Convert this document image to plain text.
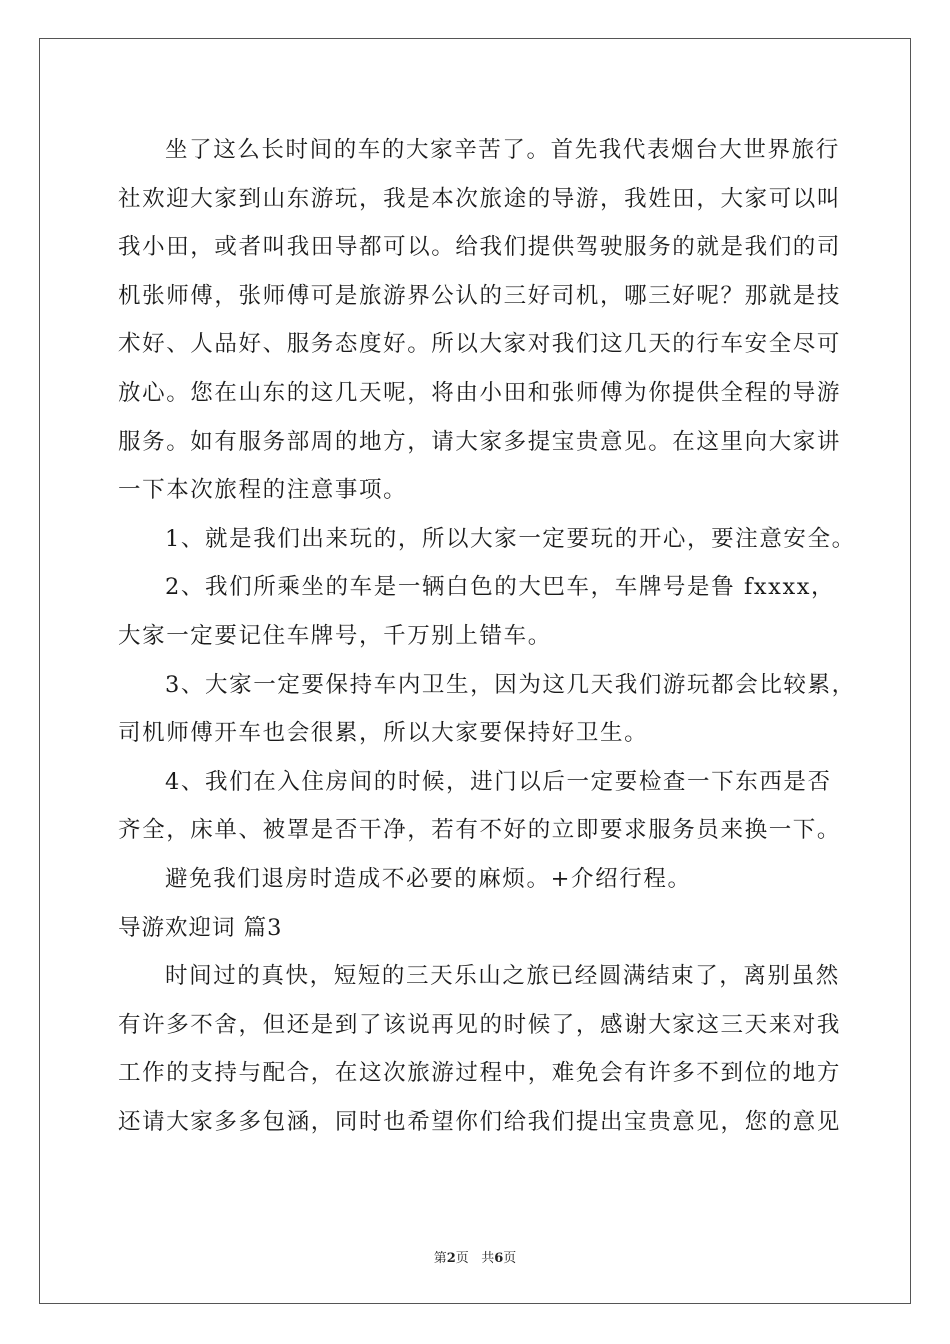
坐了这么长时间的车的大家辛苦了。首先我代表烟台大世界旅行
社欢迎大家到山东游玩，我是本次旅途的导游，我姓田，大家可以叫
我小田，或者叫我田导都可以。给我们提供驾驶服务的就是我们的司
机张师傅，张师傅可是旅游界公认的三好司机，哪三好呢？那就是技
术好、人品好、服务态度好。所以大家对我们这几天的行车安全尽可
放心。您在山东的这几天呢，将由小田和张师傅为你提供全程的导游
服务。如有服务部周的地方，请大家多提宝贵意见。在这里向大家讲
一下本次旅程的注意事项。
1、就是我们出来玩的，所以大家一定要玩的开心，要注意安全。
2、我们所乘坐的车是一辆白色的大巴车，车牌号是鲁 fxxxx，
大家一定要记住车牌号，千万别上错车。
3、大家一定要保持车内卫生，因为这几天我们游玩都会比较累，
司机师傅开车也会很累，所以大家要保持好卫生。
4、我们在入住房间的时候，进门以后一定要检查一下东西是否
齐全，床单、被罩是否干净，若有不好的立即要求服务员来换一下。
避免我们退房时造成不必要的麻烦。+介绍行程。
导游欢迎词 篇3
时间过的真快，短短的三天乐山之旅已经圆满结束了，离别虽然
有许多不舍，但还是到了该说再见的时候了，感谢大家这三天来对我
工作的支持与配合，在这次旅游过程中，难免会有许多不到位的地方
还请大家多多包涵，同时也希望你们给我们提出宝贵意见，您的意见
第2页 共6页
